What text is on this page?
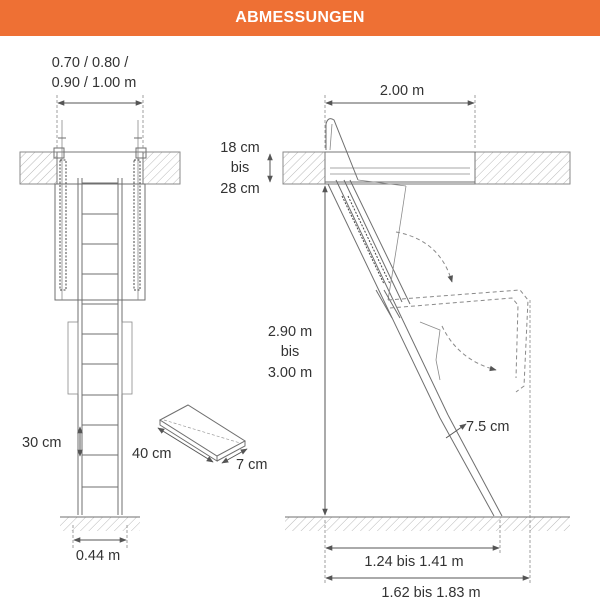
ABMESSUNGEN
0.70 / 0.80 /
0.90 / 1.00 m
30 cm
0.44 m
40 cm
7 cm
2.00 m
18 cm
bis
28 cm
2.90 m
bis
3.00 m
7.5 cm
1.24 bis 1.41 m
1.62 bis 1.83 m
